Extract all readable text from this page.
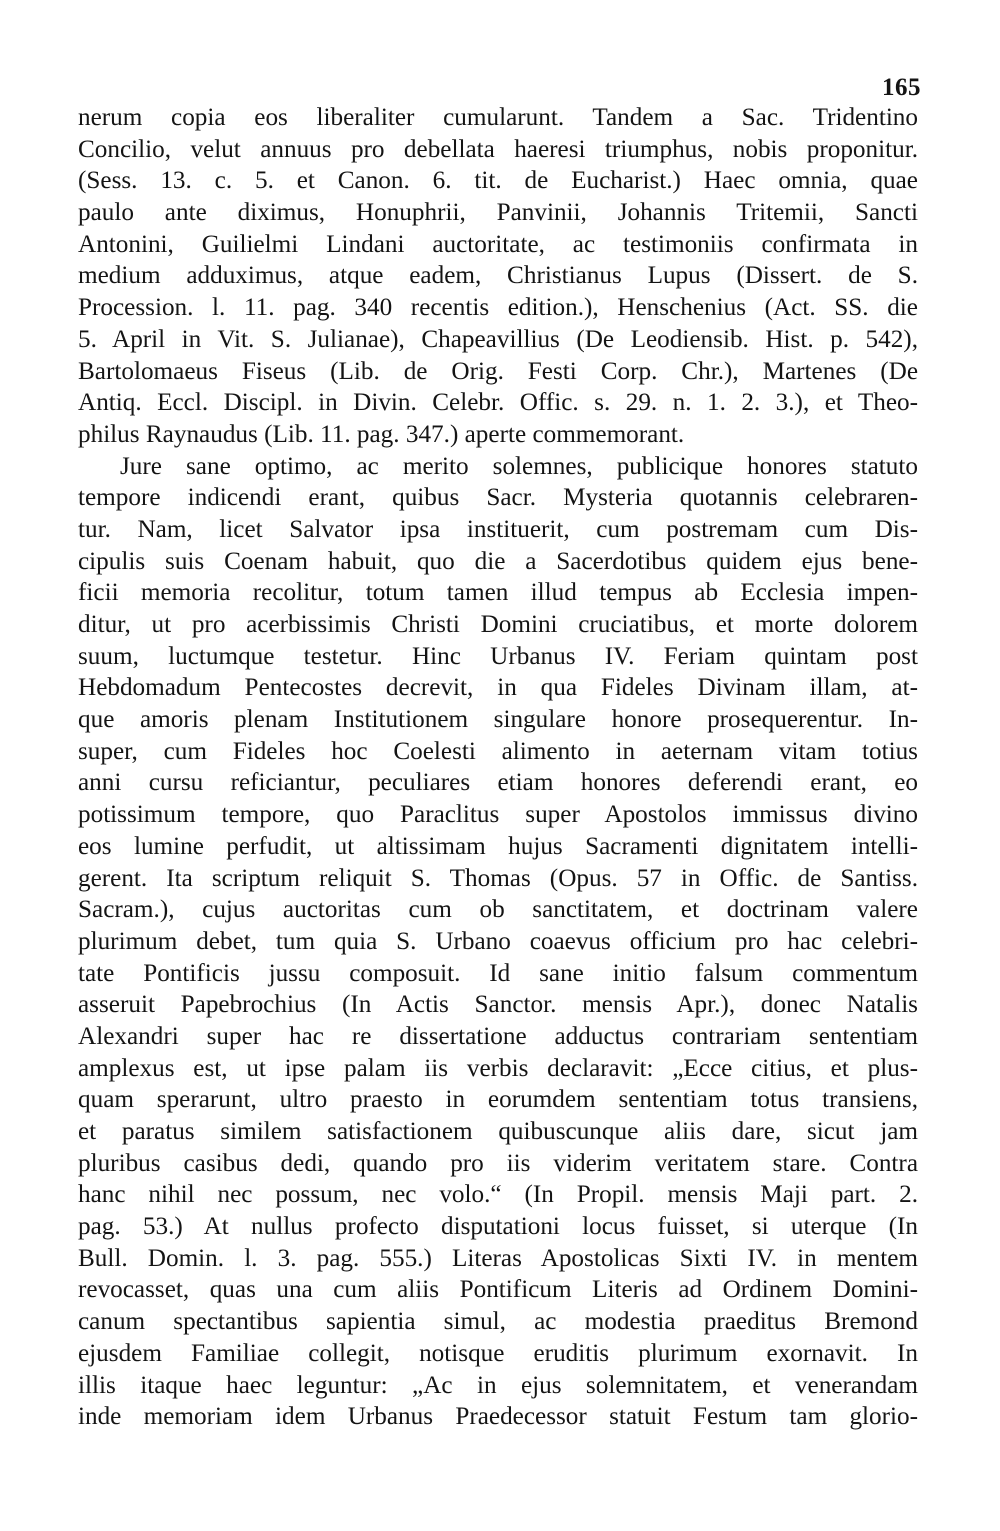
165
nerum copia eos liberaliter cumularunt. Tandem a Sac. Tridentino
Concilio, velut annuus pro debellata haeresi triumphus, nobis proponitur.
(Sess. 13. c. 5. et Canon. 6. tit. de Eucharist.) Haec omnia, quae
paulo ante diximus, Honuphrii, Panvinii, Johannis Tritemii, Sancti
Antonini, Guilielmi Lindani auctoritate, ac testimoniis confirmata in
medium adduximus, atque eadem, Christianus Lupus (Dissert. de S.
Procession. l. 11. pag. 340 recentis edition.), Henschenius (Act. SS. die
5. April in Vit. S. Julianae), Chapeavillius (De Leodiensib. Hist. p. 542),
Bartolomaeus Fiseus (Lib. de Orig. Festi Corp. Chr.), Martenes (De
Antiq. Eccl. Discipl. in Divin. Celebr. Offic. s. 29. n. 1. 2. 3.), et Theo-
philus Raynaudus (Lib. 11. pag. 347.) aperte commemorant.
Jure sane optimo, ac merito solemnes, publicique honores statuto
tempore indicendi erant, quibus Sacr. Mysteria quotannis celebraren-
tur. Nam, licet Salvator ipsa instituerit, cum postremam cum Dis-
cipulis suis Coenam habuit, quo die a Sacerdotibus quidem ejus bene-
ficii memoria recolitur, totum tamen illud tempus ab Ecclesia impen-
ditur, ut pro acerbissimis Christi Domini cruciatibus, et morte dolorem
suum, luctumque testetur. Hinc Urbanus IV. Feriam quintam post
Hebdomadum Pentecostes decrevit, in qua Fideles Divinam illam, at-
que amoris plenam Institutionem singulare honore prosequerentur. In-
super, cum Fideles hoc Coelesti alimento in aeternam vitam totius
anni cursu reficiantur, peculiares etiam honores deferendi erant, eo
potissimum tempore, quo Paraclitus super Apostolos immissus divino
eos lumine perfudit, ut altissimam hujus Sacramenti dignitatem intelli-
gerent. Ita scriptum reliquit S. Thomas (Opus. 57 in Offic. de Santiss.
Sacram.), cujus auctoritas cum ob sanctitatem, et doctrinam valere
plurimum debet, tum quia S. Urbano coaevus officium pro hac celebri-
tate Pontificis jussu composuit. Id sane initio falsum commentum
asseruit Papebrochius (In Actis Sanctor. mensis Apr.), donec Natalis
Alexandri super hac re dissertatione adductus contrariam sententiam
amplexus est, ut ipse palam iis verbis declaravit: „Ecce citius, et plus-
quam sperarunt, ultro praesto in eorumdem sententiam totus transiens,
et paratus similem satisfactionem quibuscunque aliis dare, sicut jam
pluribus casibus dedi, quando pro iis viderim veritatem stare. Contra
hanc nihil nec possum, nec volo.“ (In Propil. mensis Maji part. 2.
pag. 53.) At nullus profecto disputationi locus fuisset, si uterque (In
Bull. Domin. l. 3. pag. 555.) Literas Apostolicas Sixti IV. in mentem
revocasset, quas una cum aliis Pontificum Literis ad Ordinem Domini-
canum spectantibus sapientia simul, ac modestia praeditus Bremond
ejusdem Familiae collegit, notisque eruditis plurimum exornavit. In
illis itaque haec leguntur: „Ac in ejus solemnitatem, et venerandam
inde memoriam idem Urbanus Praedecessor statuit Festum tam glorio-
